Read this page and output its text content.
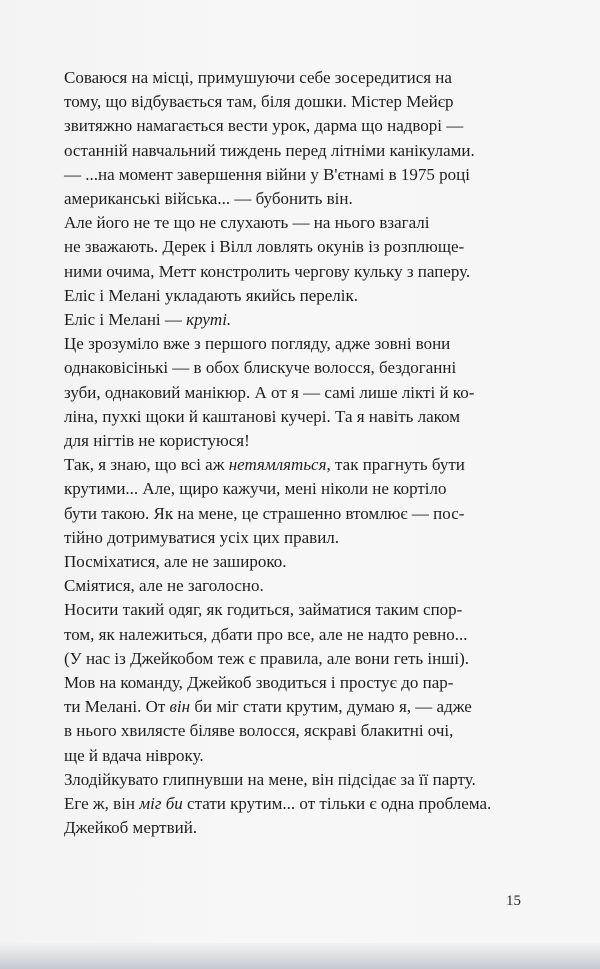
Соваюся на місці, примушуючи себе зосередитися на
тому, що відбувається там, біля дошки. Містер Мейєр
звитяжно намагається вести урок, дарма що надворі —
останній навчальний тиждень перед літніми канікулами.
— ...на момент завершення війни у В'єтнамі в 1975 році
американські війська... — бубонить він.
Але його не те що не слухають — на нього взагалі
не зважають. Дерек і Вілл ловлять окунів із розплюще-
ними очима, Метт констролить чергову кульку з паперу.
Еліс і Мелані укладають якийсь перелік.
Еліс і Мелані — круті.
Це зрозуміло вже з першого погляду, адже зовні вони
однаковісінькі — в обох блискуче волосся, бездоганні
зуби, однаковий манікюр. А от я — самі лише лікті й ко-
ліна, пухкі щоки й каштанові кучері. Та я навіть лаком
для нігтів не користуюся!
Так, я знаю, що всі аж нетямляться, так прагнуть бути
крутими... Але, щиро кажучи, мені ніколи не кортіло
бути такою. Як на мене, це страшенно втомлює — пос-
тійно дотримуватися усіх цих правил.
Посміхатися, але не зашироко.
Сміятися, але не заголосно.
Носити такий одяг, як годиться, займатися таким спор-
том, як належиться, дбати про все, але не надто ревно...
(У нас із Джейкобом теж є правила, але вони геть інші).
Мов на команду, Джейкоб зводиться і простує до пар-
ти Мелані. От він би міг стати крутим, думаю я, — адже
в нього хвилясте біляве волосся, яскраві блакитні очі,
ще й вдача нівроку.
Злодійкувато глипнувши на мене, він підсідає за її парту.
Еге ж, він міг би стати крутим... от тільки є одна проблема.
Джейкоб мертвий.
15
